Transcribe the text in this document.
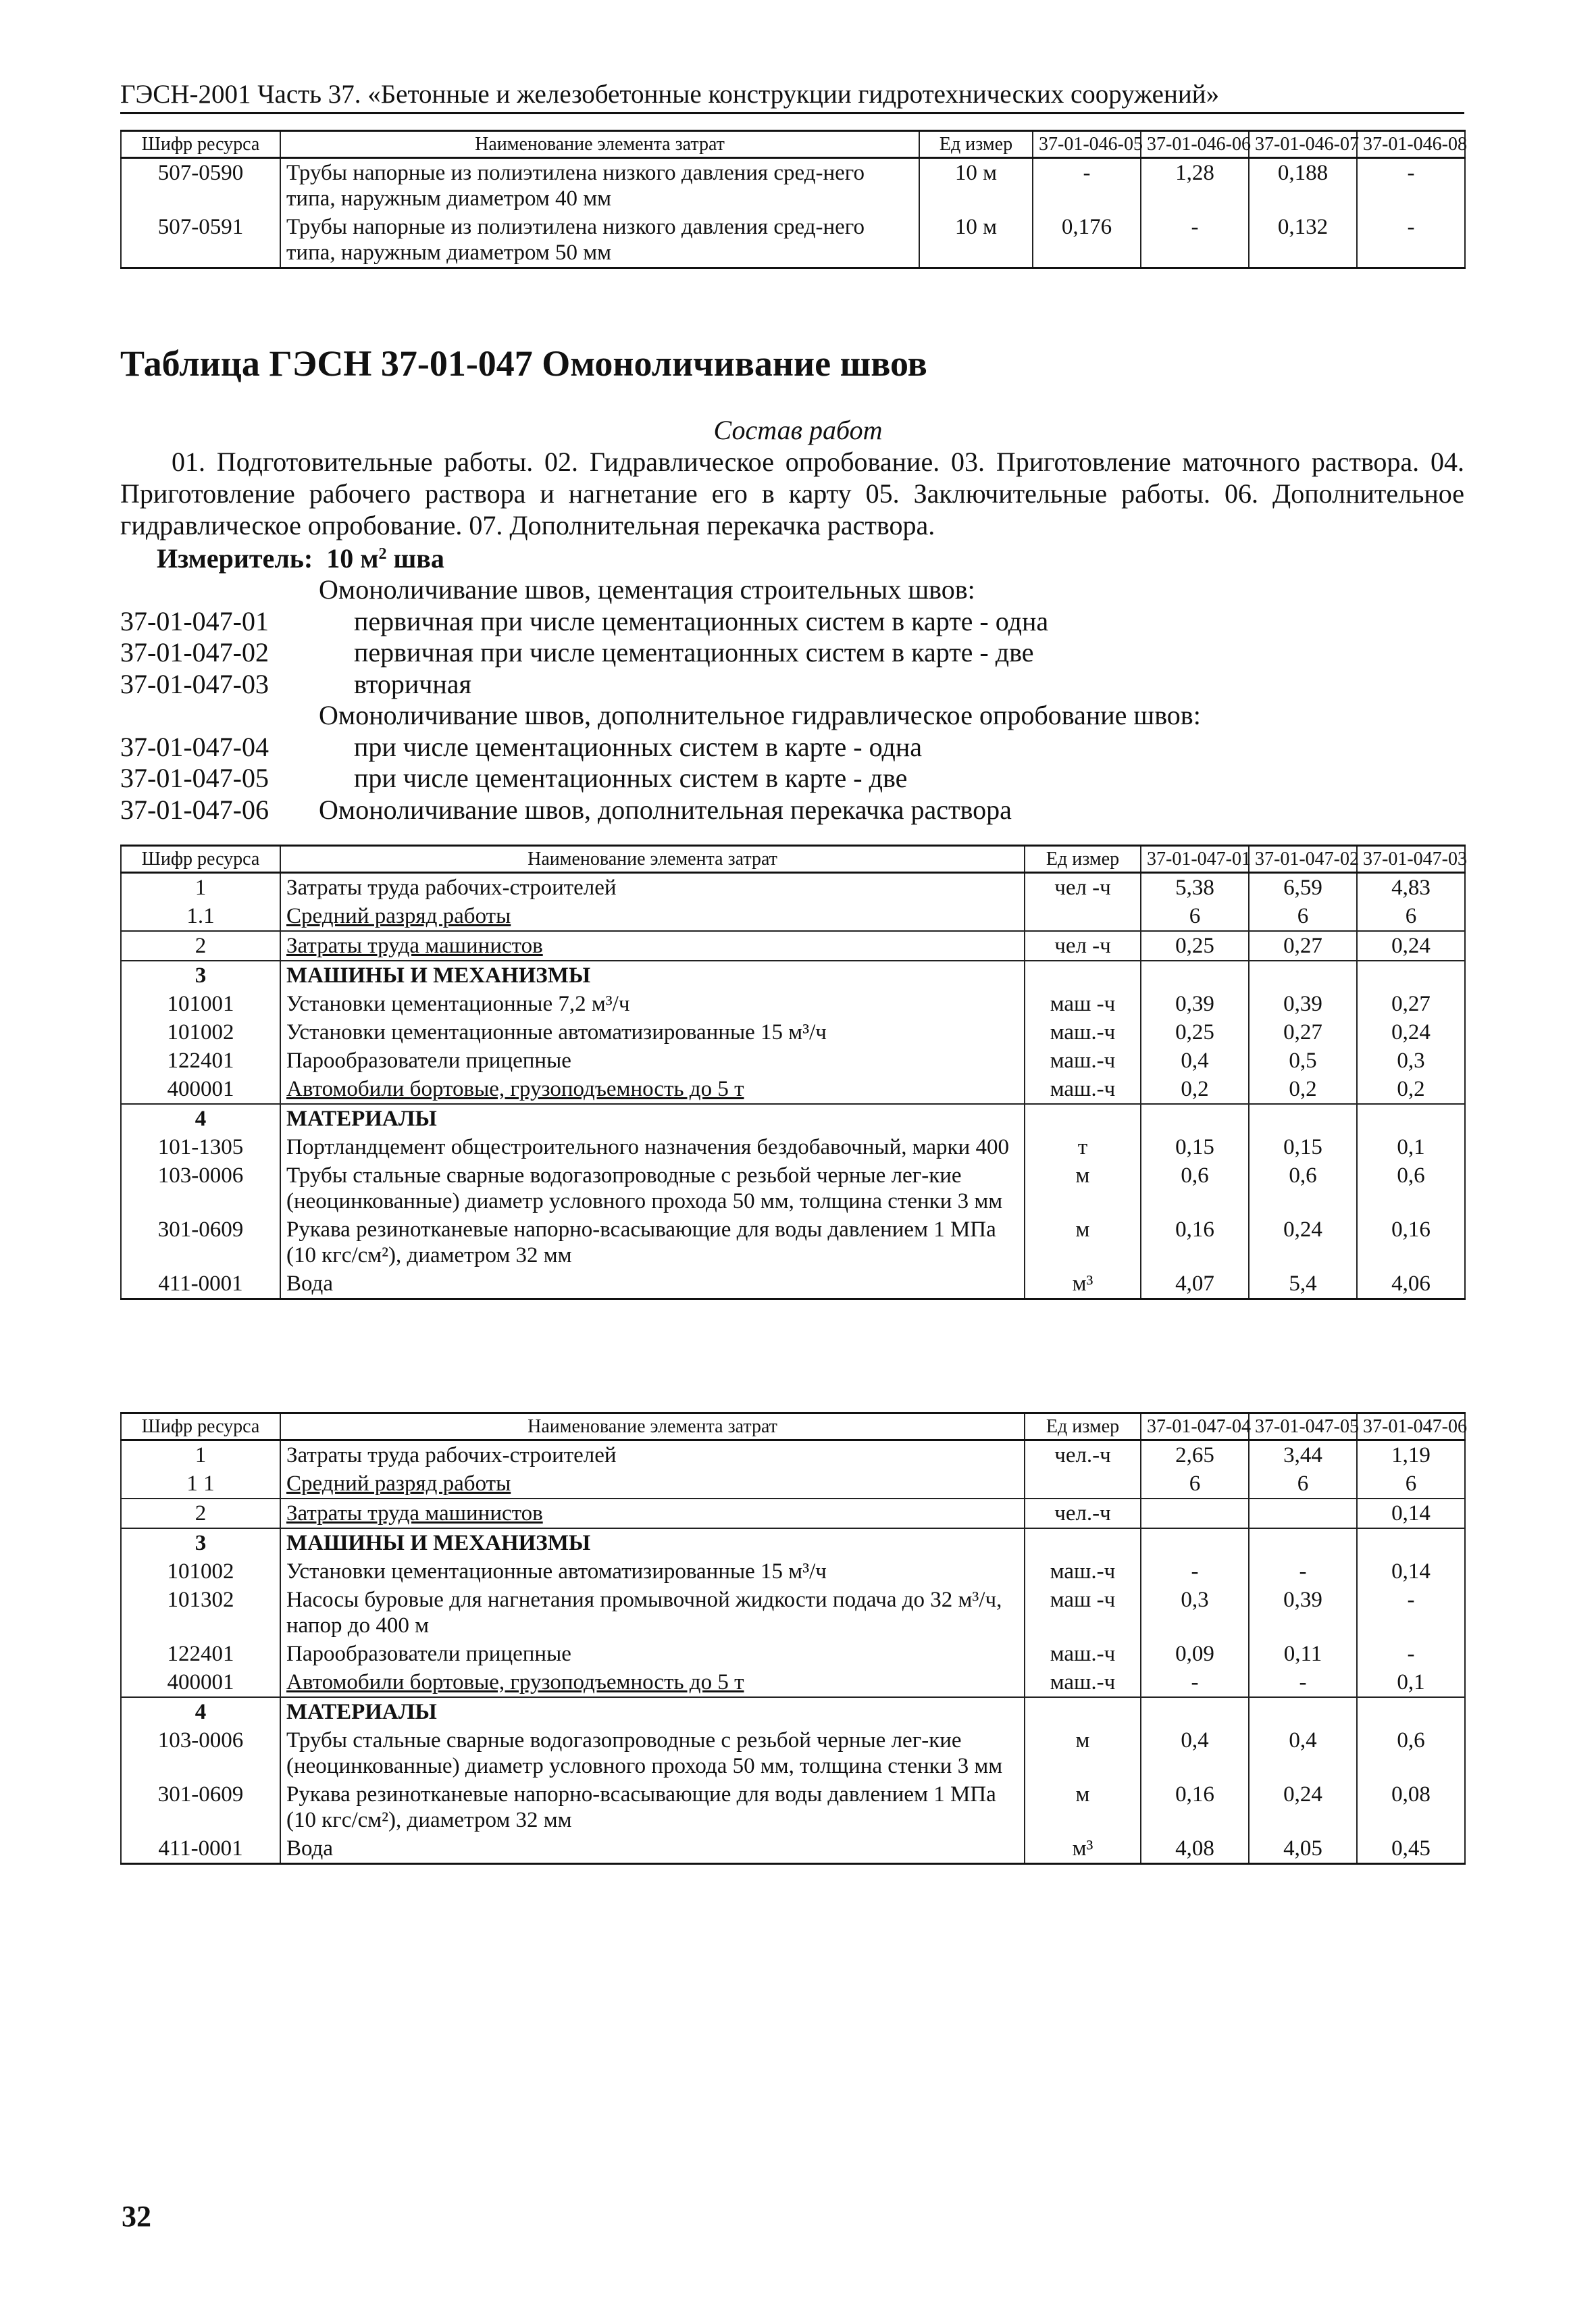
ГЭСН-2001 Часть 37. «Бетонные и железобетонные конструкции гидротехнических сооружений»
Шифр ресурса	Наименование элемента затрат	Ед измер	37-01-046-05	37-01-046-06	37-01-046-07	37-01-046-08
507-0590	Трубы напорные из полиэтилена низкого давления сред-него типа, наружным диаметром 40 мм	10 м	-	1,28	0,188	-
507-0591	Трубы напорные из полиэтилена низкого давления сред-него типа, наружным диаметром 50 мм	10 м	0,176	-	0,132	-
Таблица ГЭСН 37-01-047 Омоноличивание швов
Состав работ
01. Подготовительные работы. 02. Гидравлическое опробование. 03. Приготовление маточного раствора. 04. Приготовление рабочего раствора и нагнетание его в карту 05. Заключительные работы. 06. Дополнительное гидравлическое опробование. 07. Дополнительная перекачка раствора.
Измеритель: 10 $м^2$ шва
Омоноличивание швов, цементация строительных швов:
37-01-047-01	первичная при числе цементационных систем в карте - одна
37-01-047-02	первичная при числе цементационных систем в карте - две
37-01-047-03	вторичная
Омоноличивание швов, дополнительное гидравлическое опробование швов:
37-01-047-04	при числе цементационных систем в карте - одна
37-01-047-05	при числе цементационных систем в карте - две
37-01-047-06 Омоноличивание швов, дополнительная перекачка раствора
Шифр ресурса	Наименование элемента затрат	Ед измер	37-01-047-01	37-01-047-02	37-01-047-03
1	Затраты труда рабочих-строителей	чел -ч	5,38	6,59	4,83
1.1	Средний разряд работы		6	6	6
2	Затраты труда машинистов	чел -ч	0,25	0,27	0,24
3	МАШИНЫ И МЕХАНИЗМЫ				
101001	Установки цементационные 7,2 м³/ч	маш -ч	0,39	0,39	0,27
101002	Установки цементационные автоматизированные 15 м³/ч	маш.-ч	0,25	0,27	0,24
122401	Парообразователи прицепные	маш.-ч	0,4	0,5	0,3
400001	Автомобили бортовые, грузоподъемность до 5 т	маш.-ч	0,2	0,2	0,2
4	МАТЕРИАЛЫ				
101-1305	Портландцемент общестроительного назначения бездобавочный, марки 400	т	0,15	0,15	0,1
103-0006	Трубы стальные сварные водогазопроводные с резьбой черные лег-кие (неоцинкованные) диаметр условного прохода 50 мм, толщина стенки 3 мм	м	0,6	0,6	0,6
301-0609	Рукава резинотканевые напорно-всасывающие для воды давлением 1 МПа (10 кгс/см²), диаметром 32 мм	м	0,16	0,24	0,16
411-0001	Вода	м³	4,07	5,4	4,06
Шифр ресурса	Наименование элемента затрат	Ед измер	37-01-047-04	37-01-047-05	37-01-047-06
1	Затраты труда рабочих-строителей	чел.-ч	2,65	3,44	1,19
1 1	Средний разряд работы		6	6	6
2	Затраты труда машинистов	чел.-ч			0,14
3	МАШИНЫ И МЕХАНИЗМЫ				
101002	Установки цементационные автоматизированные 15 м³/ч	маш.-ч	-	-	0,14
101302	Насосы буровые для нагнетания промывочной жидкости подача до 32 м³/ч, напор до 400 м	маш -ч	0,3	0,39	-
122401	Парообразователи прицепные	маш.-ч	0,09	0,11	-
400001	Автомобили бортовые, грузоподъемность до 5 т	маш.-ч	-	-	0,1
4	МАТЕРИАЛЫ				
103-0006	Трубы стальные сварные водогазопроводные с резьбой черные лег-кие (неоцинкованные) диаметр условного прохода 50 мм, толщина стенки 3 мм	м	0,4	0,4	0,6
301-0609	Рукава резинотканевые напорно-всасывающие для воды давлением 1 МПа (10 кгс/см²), диаметром 32 мм	м	0,16	0,24	0,08
411-0001	Вода	м³	4,08	4,05	0,45
32
